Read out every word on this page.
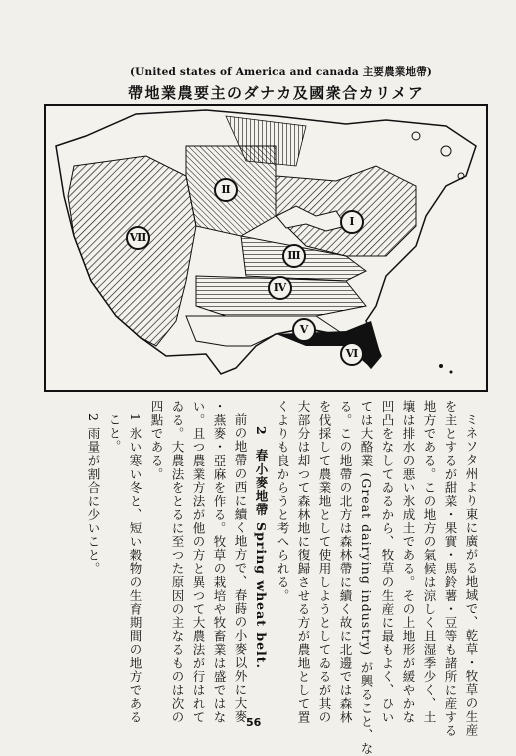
(United states of America and canada 主要農業地帶)
帶地業農要主のダナカ及國衆合カリメア
Ⅰ
Ⅱ
Ⅲ
Ⅳ
Ⅴ
Ⅵ
Ⅶ
ミネソタ州より東に廣がる地域で、乾草・牧草の生産
を主とするが甜菜・果實・馬鈴薯・豆等も諸所に産する
地方である。この地方の氣候は涼しく且湿季少く、土
壤は排水の悪い氷成土である。その上地形が緩やかな
凹凸をなしてゐるから、牧草の生産に最もよく、ひい
ては大酪業 (Great dairying industry) が興ること、な
る。この地帶の北方は森林帶に續く故に北邊では森林
を伐採して農業地として使用しようとしてゐるが其の
大部分は却つて森林地に復歸させる方が農地として置
くよりも良からうと考へられる。
2　春小麥地帶 Spring wheat belt.
前の地帶の西に續く地方で、春蒔の小麥以外に大麥
・燕麥・亞麻を作る。牧草の栽培や牧畜業は盛ではな
い。且つ農業方法が他の方と異つて大農法が行はれて
ゐる。大農法をとるに至つた原因の主なるものは次の
四點である。
1 氷い寒い冬と、短い穀物の生育期間の地方である
こと。
2 雨量が割合に少いこと。
56
